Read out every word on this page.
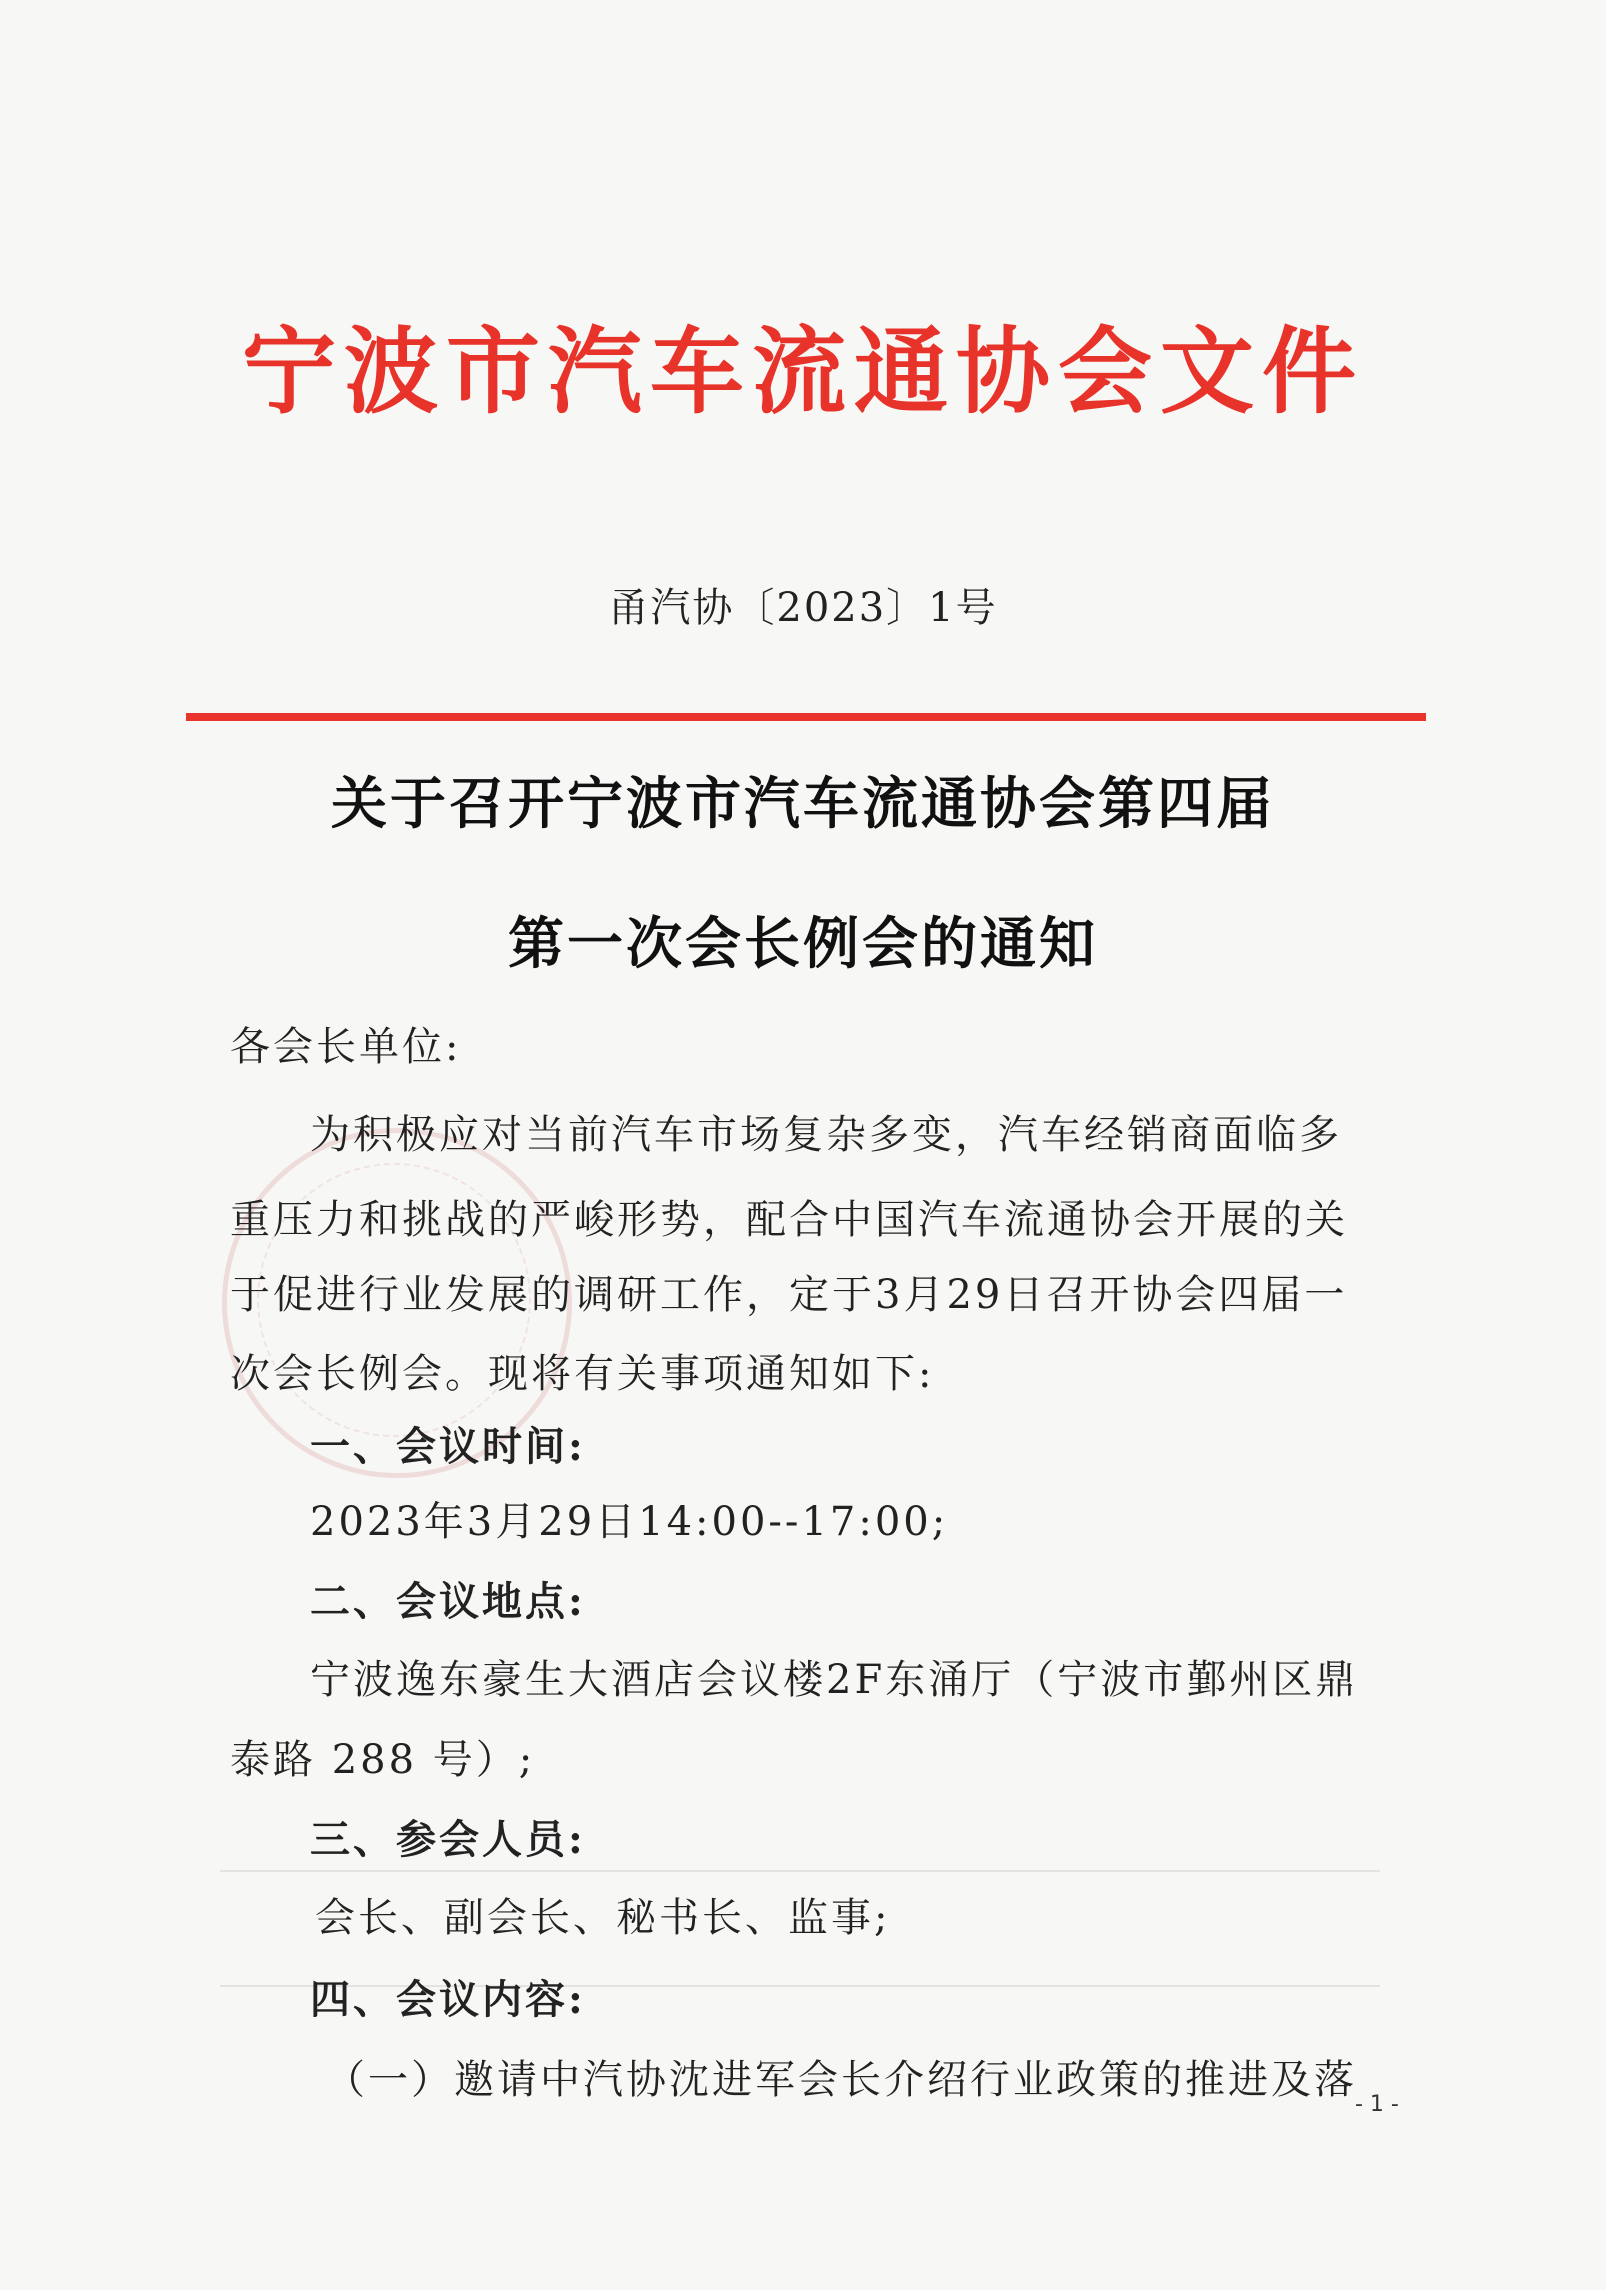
宁波市汽车流通协会文件
甬汽协〔2023〕1号
关于召开宁波市汽车流通协会第四届
第一次会长例会的通知
各会长单位:
为积极应对当前汽车市场复杂多变，汽车经销商面临多
重压力和挑战的严峻形势，配合中国汽车流通协会开展的关
于促进行业发展的调研工作，定于3月29日召开协会四届一
次会长例会。现将有关事项通知如下:
一、会议时间:
2023年3月29日14:00--17:00;
二、会议地点:
宁波逸东豪生大酒店会议楼2F东涌厅（宁波市鄞州区鼎
泰路 288 号）;
三、参会人员:
会长、副会长、秘书长、监事;
四、会议内容:
（一）邀请中汽协沈进军会长介绍行业政策的推进及落
- 1 -
